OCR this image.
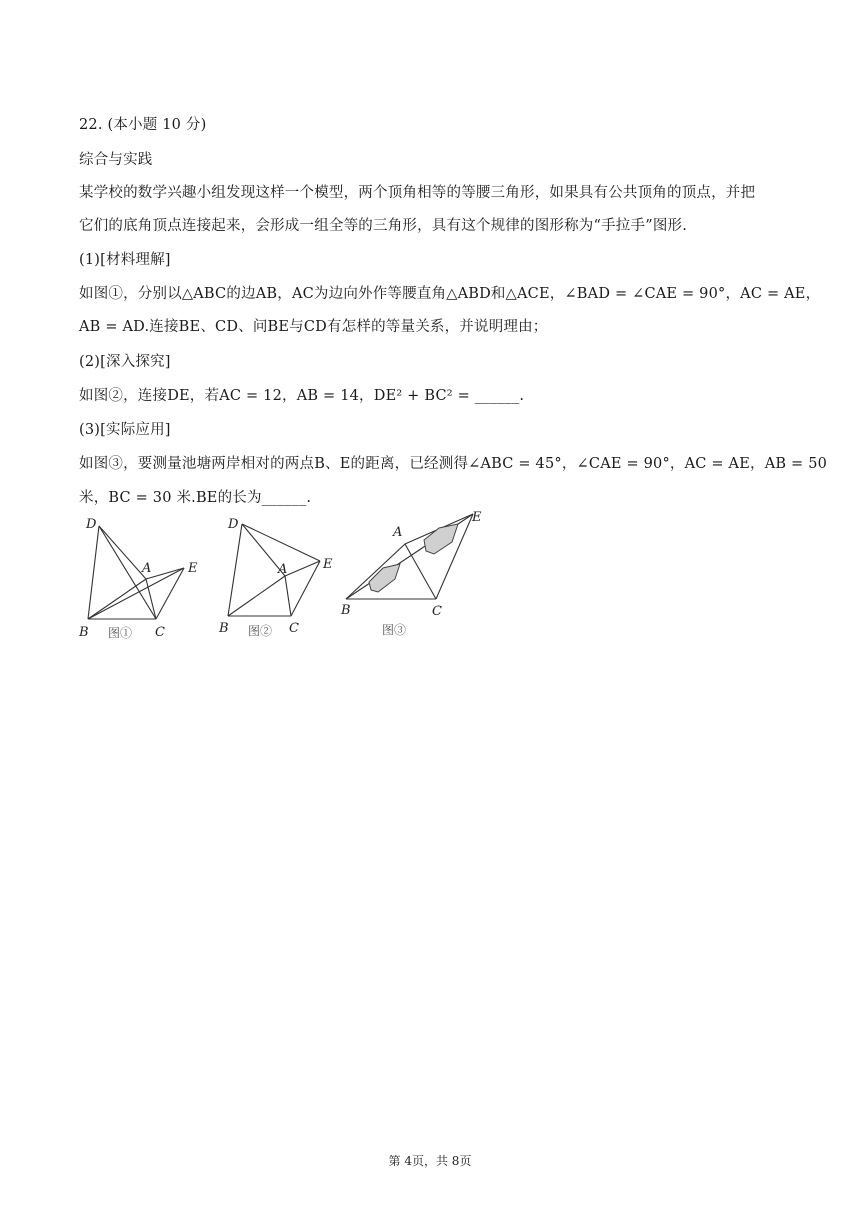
22. (本小题 10 分)
综合与实践
某学校的数学兴趣小组发现这样一个模型，两个顶角相等的等腰三角形，如果具有公共顶角的顶点，并把
它们的底角顶点连接起来，会形成一组全等的三角形，具有这个规律的图形称为“手拉手”图形.
(1)[材料理解]
如图①，分别以△ABC的边AB，AC为边向外作等腰直角△ABD和△ACE，∠BAD = ∠CAE = 90°，AC = AE，
AB = AD.连接BE、CD、问BE与CD有怎样的等量关系，并说明理由；
(2)[深入探究]
如图②，连接DE，若AC = 12，AB = 14，DE² + BC² = ______.
(3)[实际应用]
如图③，要测量池塘两岸相对的两点B、E的距离，已经测得∠ABC = 45°，∠CAE = 90°，AC = AE，AB = 50
米，BC = 30 米.BE的长为______.
D
A	E
B	C
图①
D
A	E
B	C
图②
A
E
B	C
图③
第 4页，共 8页
